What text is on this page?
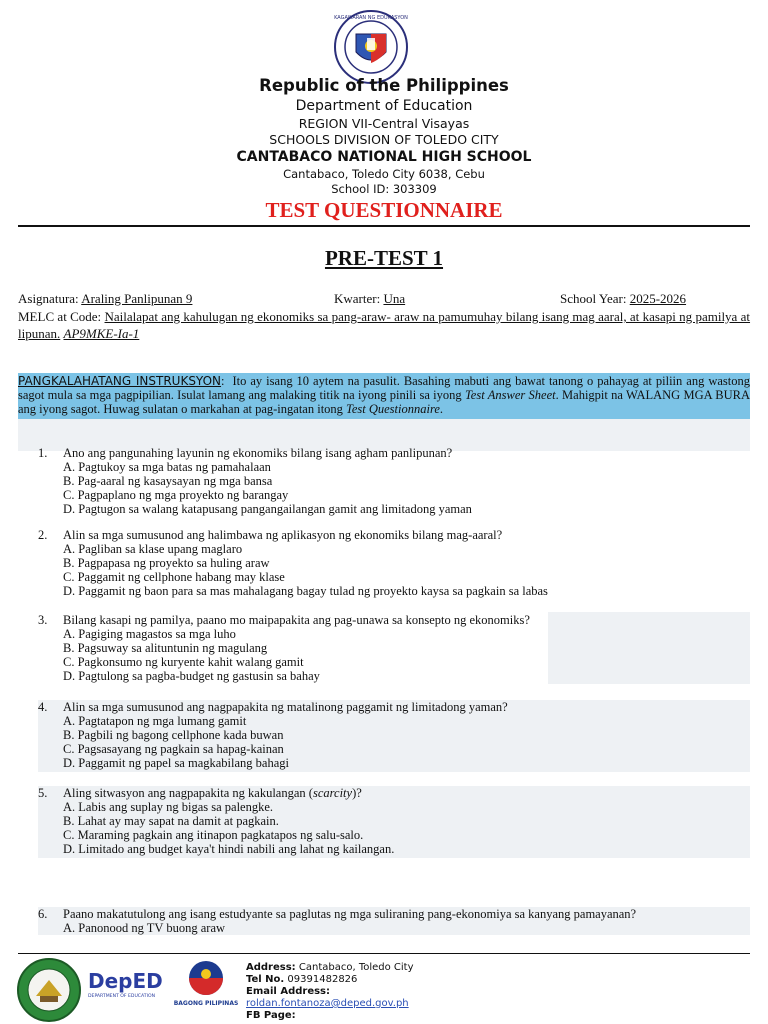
KAGAWARAN NG EDUKASYON
Republic of the Philippines
Department of Education
REGION VII-Central Visayas
SCHOOLS DIVISION OF TOLEDO CITY
CANTABACO NATIONAL HIGH SCHOOL
Cantabaco, Toledo City 6038, Cebu
School ID: 303309
TEST QUESTIONNAIRE
PRE-TEST 1
Asignatura: Araling Panlipunan 9	Kwarter: Una	School Year: 2025-2026
MELC at Code: Nailalapat ang kahulugan ng ekonomiks sa pang-araw- araw na pamumuhay bilang isang mag aaral, at kasapi ng pamilya at lipunan. AP9MKE-Ia-1
PANGKALAHATANG INSTRUKSYON:  Ito ay isang 10 aytem na pasulit. Basahing mabuti ang bawat tanong o pahayag at piliin ang wastong sagot mula sa mga pagpipilian. Isulat lamang ang malaking titik na iyong pinili sa iyong Test Answer Sheet. Mahigpit na WALANG MGA BURA ang iyong sagot. Huwag sulatan o markahan at pag-ingatan itong Test Questionnaire.
1. Ano ang pangunahing layunin ng ekonomiks bilang isang agham panlipunan?
A. Pagtukoy sa mga batas ng pamahalaan
B. Pag-aaral ng kasaysayan ng mga bansa
C. Pagpaplano ng mga proyekto ng barangay
D. Pagtugon sa walang katapusang pangangailangan gamit ang limitadong yaman
2. Alin sa mga sumusunod ang halimbawa ng aplikasyon ng ekonomiks bilang mag-aaral?
A. Pagliban sa klase upang maglaro
B. Pagpapasa ng proyekto sa huling araw
C. Paggamit ng cellphone habang may klase
D. Paggamit ng baon para sa mas mahalagang bagay tulad ng proyekto kaysa sa pagkain sa labas
3. Bilang kasapi ng pamilya, paano mo maipapakita ang pag-unawa sa konsepto ng ekonomiks?
A. Pagiging magastos sa mga luho
B. Pagsuway sa alituntunin ng magulang
C. Pagkonsumo ng kuryente kahit walang gamit
D. Pagtulong sa pagba-budget ng gastusin sa bahay
4. Alin sa mga sumusunod ang nagpapakita ng matalinong paggamit ng limitadong yaman?
A. Pagtatapon ng mga lumang gamit
B. Pagbili ng bagong cellphone kada buwan
C. Pagsasayang ng pagkain sa hapag-kainan
D. Paggamit ng papel sa magkabilang bahagi
5. Aling sitwasyon ang nagpapakita ng kakulangan (scarcity)?
A. Labis ang suplay ng bigas sa palengke.
B. Lahat ay may sapat na damit at pagkain.
C. Maraming pagkain ang itinapon pagkatapos ng salu-salo.
D. Limitado ang budget kaya't hindi nabili ang lahat ng kailangan.
6. Paano makatutulong ang isang estudyante sa paglutas ng mga suliraning pang-ekonomiya sa kanyang pamayanan?
A. Panonood ng TV buong araw
DepED
DEPARTMENT OF EDUCATION
BAGONG PILIPINAS
Address: Cantabaco, Toledo City
Tel No. 09391482826
Email Address:
roldan.fontanoza@deped.gov.ph
FB Page:
